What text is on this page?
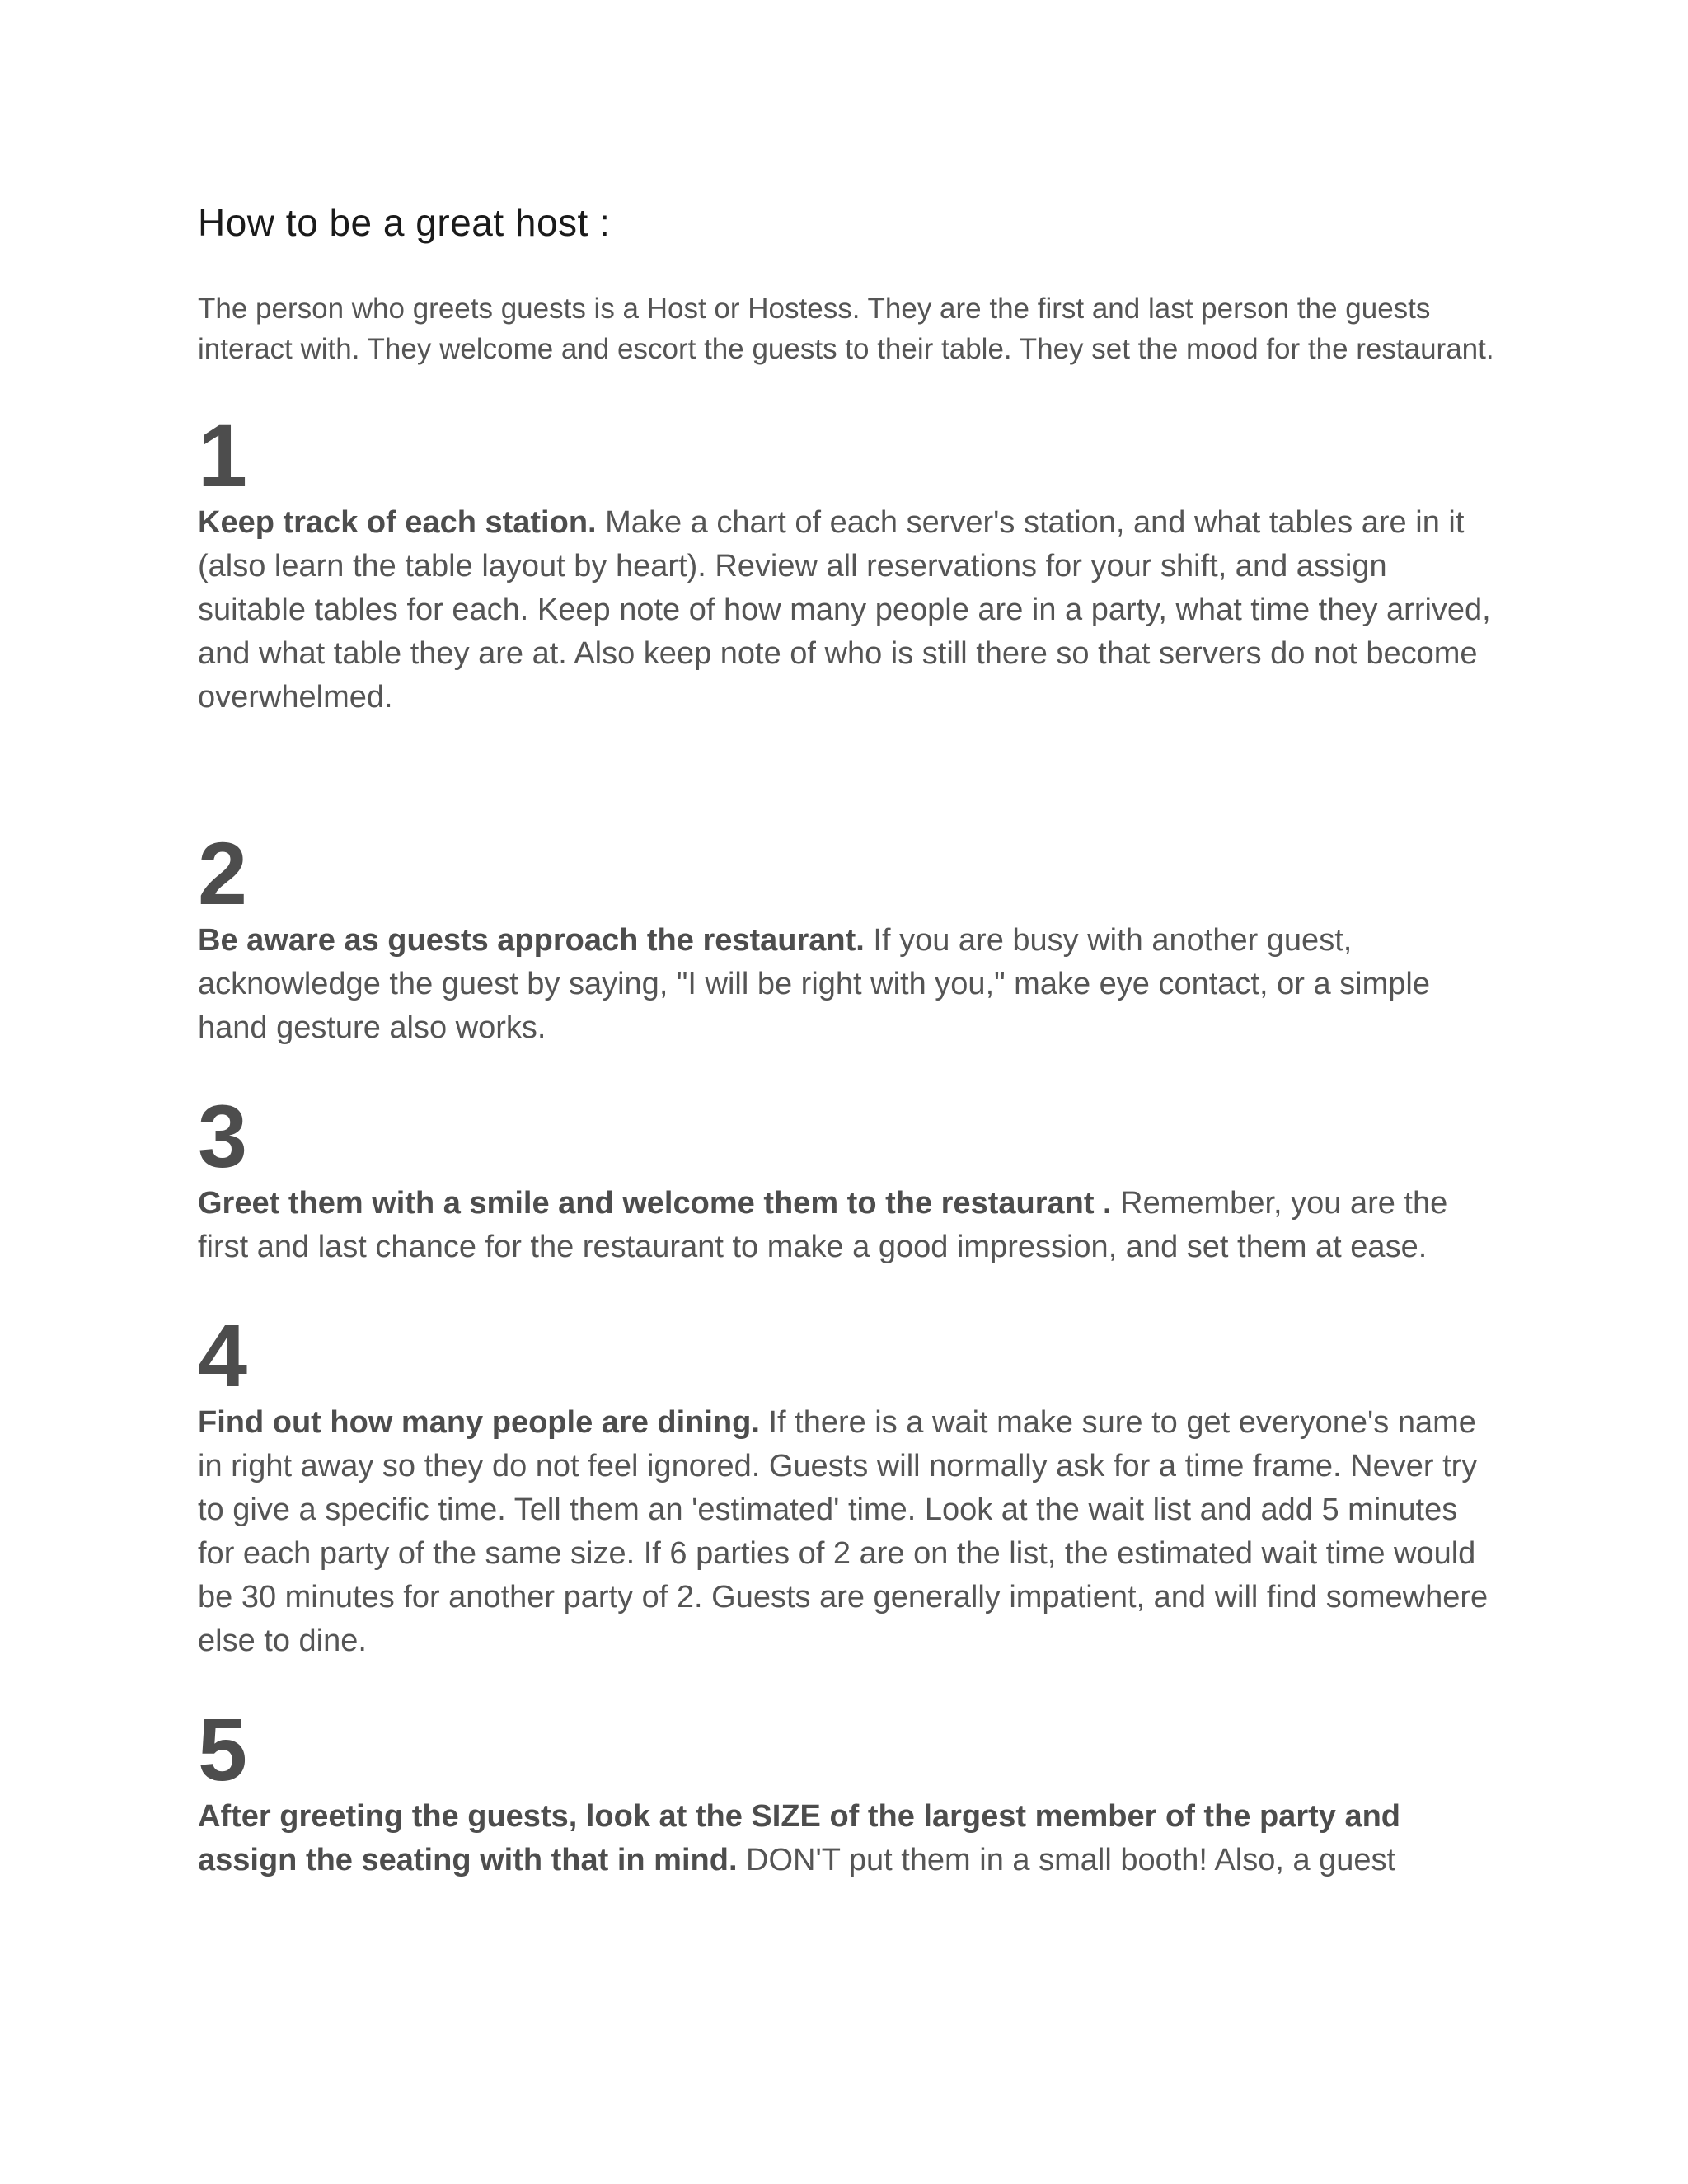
How to be a great host :

The person who greets guests is a Host or Hostess. They are the first and last person the guests interact with. They welcome and escort the guests to their table. They set the mood for the restaurant.

1

Keep track of each station. Make a chart of each server's station, and what tables are in it (also learn the table layout by heart). Review all reservations for your shift, and assign suitable tables for each. Keep note of how many people are in a party, what time they arrived, and what table they are at. Also keep note of who is still there so that servers do not become overwhelmed.

2

Be aware as guests approach the restaurant. If you are busy with another guest, acknowledge the guest by saying, "I will be right with you," make eye contact, or a simple hand gesture also works.

3

Greet them with a smile and welcome them to the restaurant . Remember, you are the first and last chance for the restaurant to make a good impression, and set them at ease.

4

Find out how many people are dining. If there is a wait make sure to get everyone's name in right away so they do not feel ignored. Guests will normally ask for a time frame. Never try to give a specific time. Tell them an 'estimated' time. Look at the wait list and add 5 minutes for each party of the same size. If 6 parties of 2 are on the list, the estimated wait time would be 30 minutes for another party of 2. Guests are generally impatient, and will find somewhere else to dine.

5

After greeting the guests, look at the SIZE of the largest member of the party and assign the seating with that in mind. DON'T put them in a small booth! Also, a guest
